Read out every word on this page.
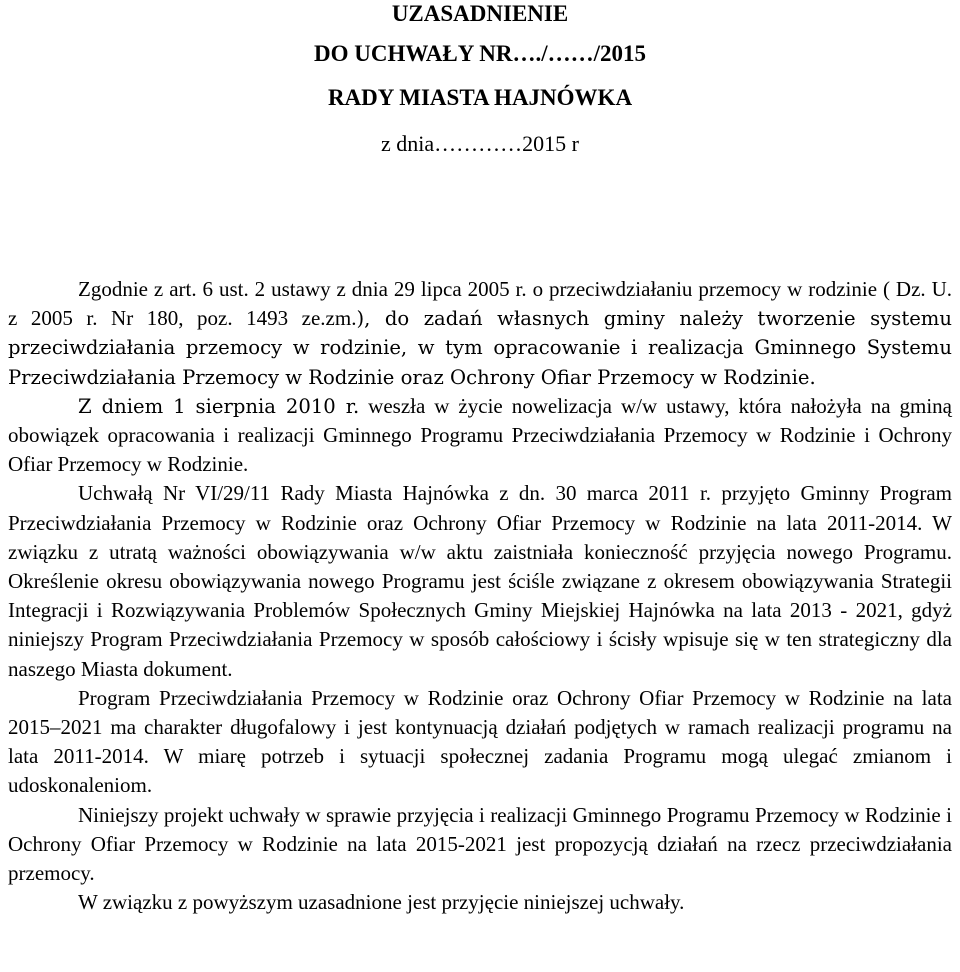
UZASADNIENIE
DO UCHWAŁY NR…./……/2015
RADY MIASTA HAJNÓWKA
z dnia…………2015 r

Zgodnie z art. 6 ust. 2 ustawy z dnia 29 lipca 2005 r. o przeciwdziałaniu przemocy w rodzinie ( Dz. U. z 2005 r. Nr 180, poz. 1493 ze.zm.), do zadań własnych gminy należy tworzenie systemu przeciwdziałania przemocy w rodzinie, w tym opracowanie i realizacja Gminnego Systemu Przeciwdziałania Przemocy w Rodzinie oraz Ochrony Ofiar Przemocy w Rodzinie.

Z dniem 1 sierpnia 2010 r. weszła w życie nowelizacja w/w ustawy, która nałożyła na gminą obowiązek opracowania i realizacji Gminnego Programu Przeciwdziałania Przemocy w Rodzinie i Ochrony Ofiar Przemocy w Rodzinie.

Uchwałą Nr VI/29/11 Rady Miasta Hajnówka z dn. 30 marca 2011 r. przyjęto Gminny Program Przeciwdziałania Przemocy w Rodzinie oraz Ochrony Ofiar Przemocy w Rodzinie na lata 2011-2014. W związku z utratą ważności obowiązywania w/w aktu zaistniała konieczność przyjęcia nowego Programu. Określenie okresu obowiązywania nowego Programu jest ściśle związane z okresem obowiązywania Strategii Integracji i Rozwiązywania Problemów Społecznych Gminy Miejskiej Hajnówka na lata 2013 - 2021, gdyż niniejszy Program Przeciwdziałania Przemocy w sposób całościowy i ścisły wpisuje się w ten strategiczny dla naszego Miasta dokument.

Program Przeciwdziałania Przemocy w Rodzinie oraz Ochrony Ofiar Przemocy w Rodzinie na lata 2015–2021 ma charakter długofalowy i jest kontynuacją działań podjętych w ramach realizacji programu na lata 2011-2014. W miarę potrzeb i sytuacji społecznej zadania Programu mogą ulegać zmianom i udoskonaleniom.

Niniejszy projekt uchwały w sprawie przyjęcia i realizacji Gminnego Programu Przemocy w Rodzinie i Ochrony Ofiar Przemocy w Rodzinie na lata 2015-2021 jest propozycją działań na rzecz przeciwdziałania przemocy.

W związku z powyższym uzasadnione jest przyjęcie niniejszej uchwały.
